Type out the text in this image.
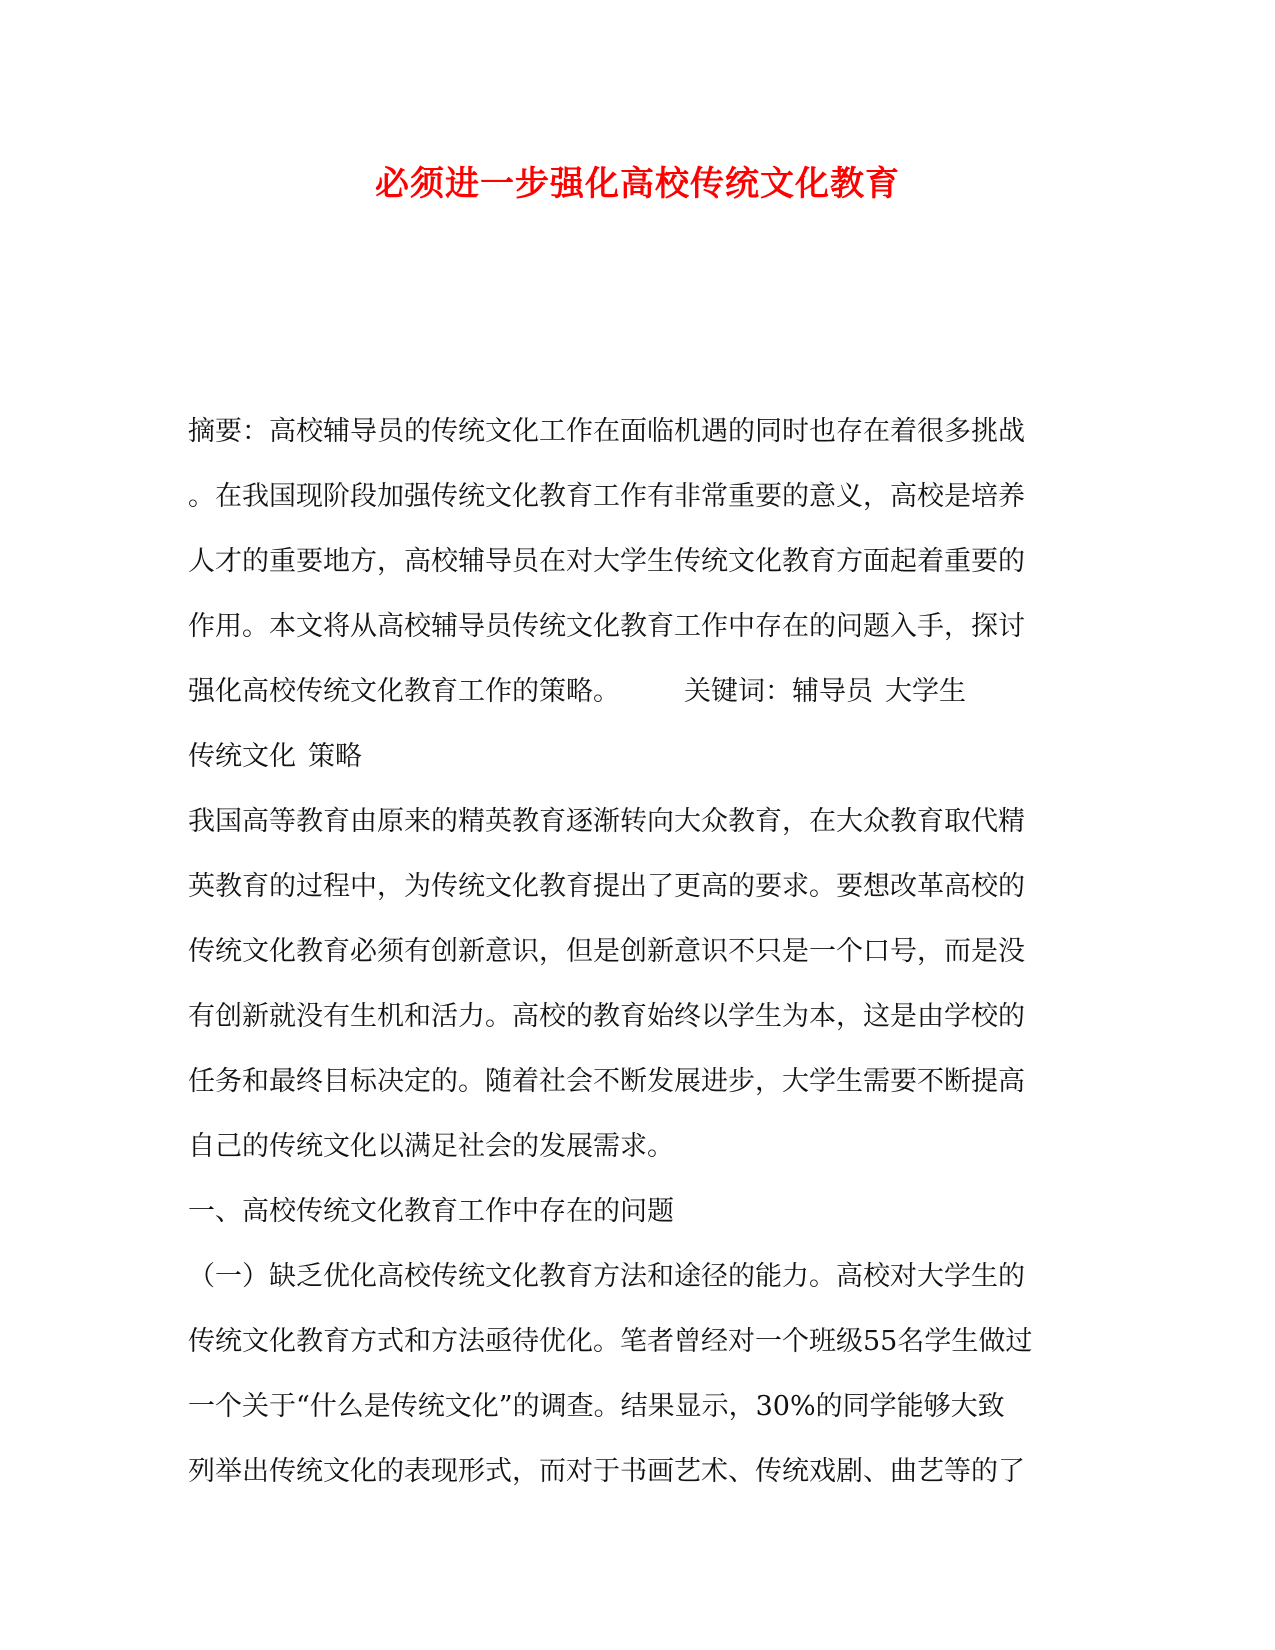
必须进一步强化高校传统文化教育
摘要：高校辅导员的传统文化工作在面临机遇的同时也存在着很多挑战
。在我国现阶段加强传统文化教育工作有非常重要的意义，高校是培养
人才的重要地方，高校辅导员在对大学生传统文化教育方面起着重要的
作用。本文将从高校辅导员传统文化教育工作中存在的问题入手，探讨
强化高校传统文化教育工作的策略。 关键词：辅导员 大学生
传统文化 策略
我国高等教育由原来的精英教育逐渐转向大众教育，在大众教育取代精
英教育的过程中，为传统文化教育提出了更高的要求。要想改革高校的
传统文化教育必须有创新意识，但是创新意识不只是一个口号，而是没
有创新就没有生机和活力。高校的教育始终以学生为本，这是由学校的
任务和最终目标决定的。随着社会不断发展进步，大学生需要不断提高
自己的传统文化以满足社会的发展需求。
一、高校传统文化教育工作中存在的问题
（一）缺乏优化高校传统文化教育方法和途径的能力。高校对大学生的
传统文化教育方式和方法亟待优化。笔者曾经对一个班级55名学生做过
一个关于“什么是传统文化”的调查。结果显示，30%的同学能够大致
列举出传统文化的表现形式，而对于书画艺术、传统戏剧、曲艺等的了
